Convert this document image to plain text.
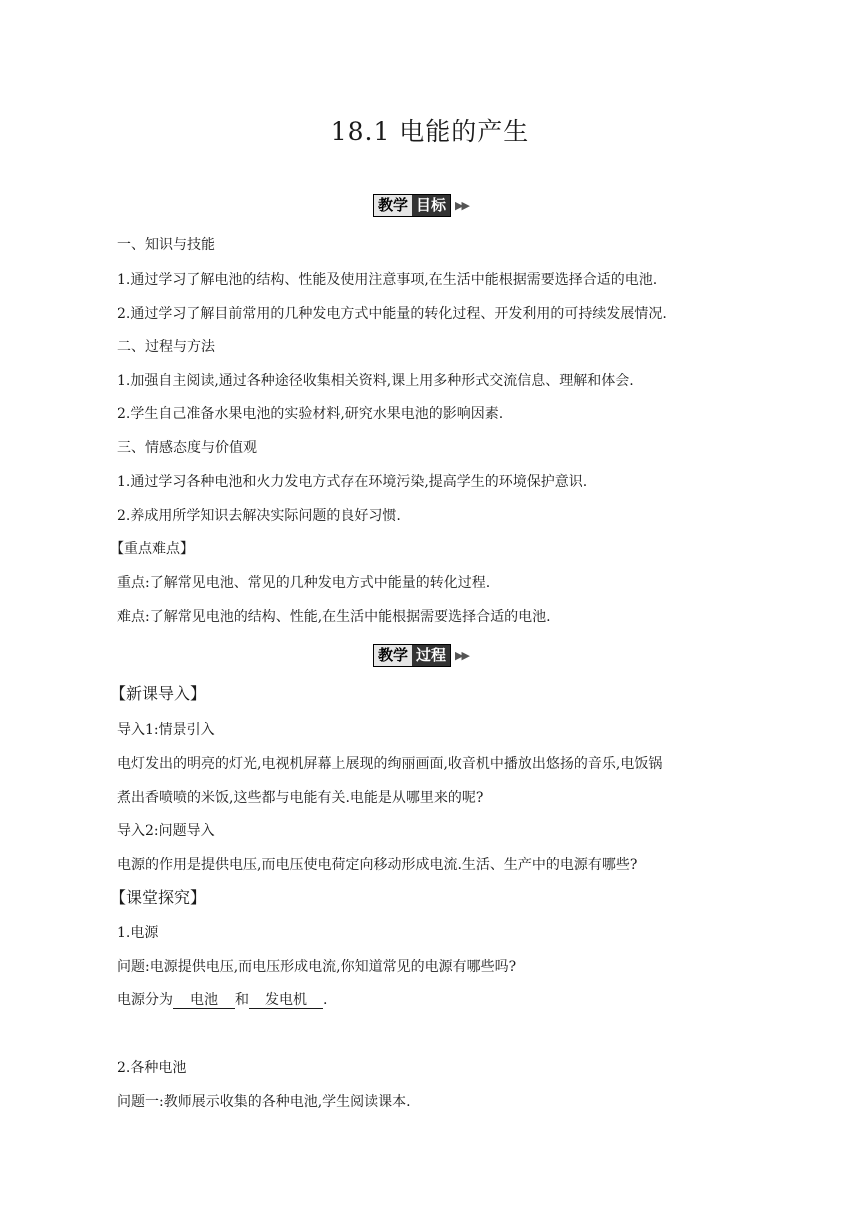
18.1 电能的产生
教学 目标 ▶▶
一、知识与技能
1.通过学习了解电池的结构、性能及使用注意事项,在生活中能根据需要选择合适的电池.
2.通过学习了解目前常用的几种发电方式中能量的转化过程、开发利用的可持续发展情况.
二、过程与方法
1.加强自主阅读,通过各种途径收集相关资料,课上用多种形式交流信息、理解和体会.
2.学生自己准备水果电池的实验材料,研究水果电池的影响因素.
三、情感态度与价值观
1.通过学习各种电池和火力发电方式存在环境污染,提高学生的环境保护意识.
2.养成用所学知识去解决实际问题的良好习惯.
【重点难点】
重点:了解常见电池、常见的几种发电方式中能量的转化过程.
难点:了解常见电池的结构、性能,在生活中能根据需要选择合适的电池.
教学 过程 ▶▶
【新课导入】
导入1:情景引入
电灯发出的明亮的灯光,电视机屏幕上展现的绚丽画面,收音机中播放出悠扬的音乐,电饭锅
煮出香喷喷的米饭,这些都与电能有关.电能是从哪里来的呢?
导入2:问题导入
电源的作用是提供电压,而电压使电荷定向移动形成电流.生活、生产中的电源有哪些?
【课堂探究】
1.电源
问题:电源提供电压,而电压形成电流,你知道常见的电源有哪些吗?
电源分为 电池 和 发电机 .
2.各种电池
问题一:教师展示收集的各种电池,学生阅读课本.
